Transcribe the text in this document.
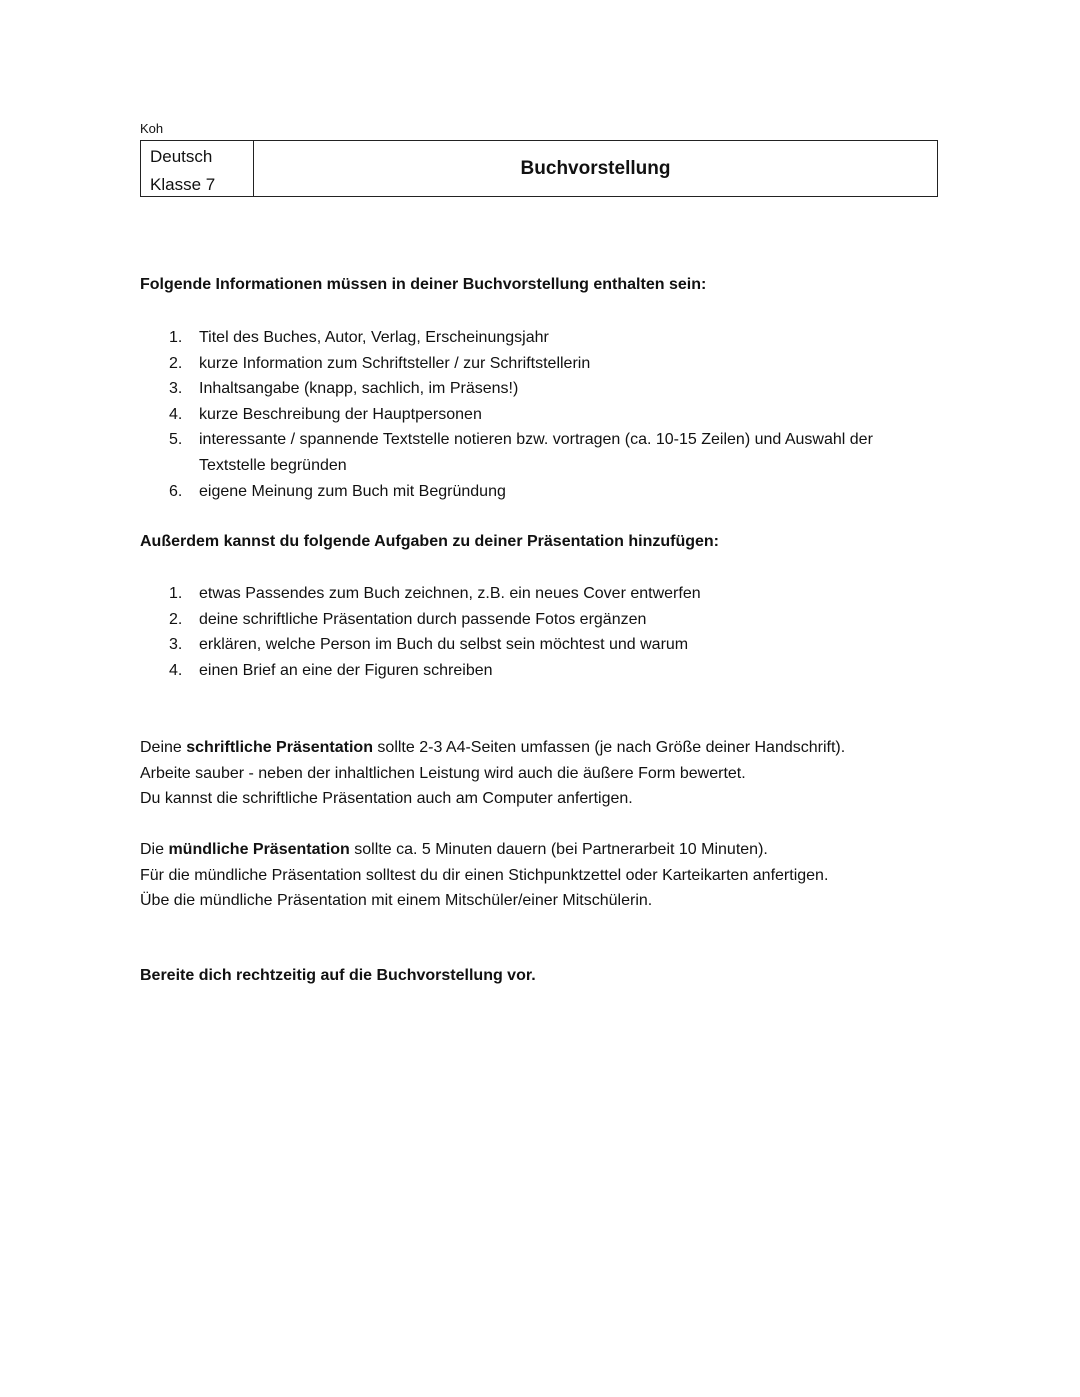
Koh
Deutsch
Klasse 7
Buchvorstellung
Folgende Informationen müssen in deiner Buchvorstellung enthalten sein:
1. Titel des Buches, Autor, Verlag, Erscheinungsjahr
2. kurze Information zum Schriftsteller / zur Schriftstellerin
3. Inhaltsangabe (knapp, sachlich, im Präsens!)
4. kurze Beschreibung der Hauptpersonen
5. interessante / spannende Textstelle notieren bzw. vortragen (ca. 10-15 Zeilen) und Auswahl der Textstelle begründen
6. eigene Meinung zum Buch mit Begründung
Außerdem kannst du folgende Aufgaben zu deiner Präsentation hinzufügen:
1. etwas Passendes zum Buch zeichnen, z.B. ein neues Cover entwerfen
2. deine schriftliche Präsentation durch passende Fotos ergänzen
3. erklären, welche Person im Buch du selbst sein möchtest und warum
4. einen Brief an eine der Figuren schreiben
Deine schriftliche Präsentation sollte 2-3 A4-Seiten umfassen (je nach Größe deiner Handschrift).
Arbeite sauber - neben der inhaltlichen Leistung wird auch die äußere Form bewertet.
Du kannst die schriftliche Präsentation auch am Computer anfertigen.
Die mündliche Präsentation sollte ca. 5 Minuten dauern (bei Partnerarbeit 10 Minuten).
Für die mündliche Präsentation solltest du dir einen Stichpunktzettel oder Karteikarten anfertigen.
Übe die mündliche Präsentation mit einem Mitschüler/einer Mitschülerin.
Bereite dich rechtzeitig auf die Buchvorstellung vor.
